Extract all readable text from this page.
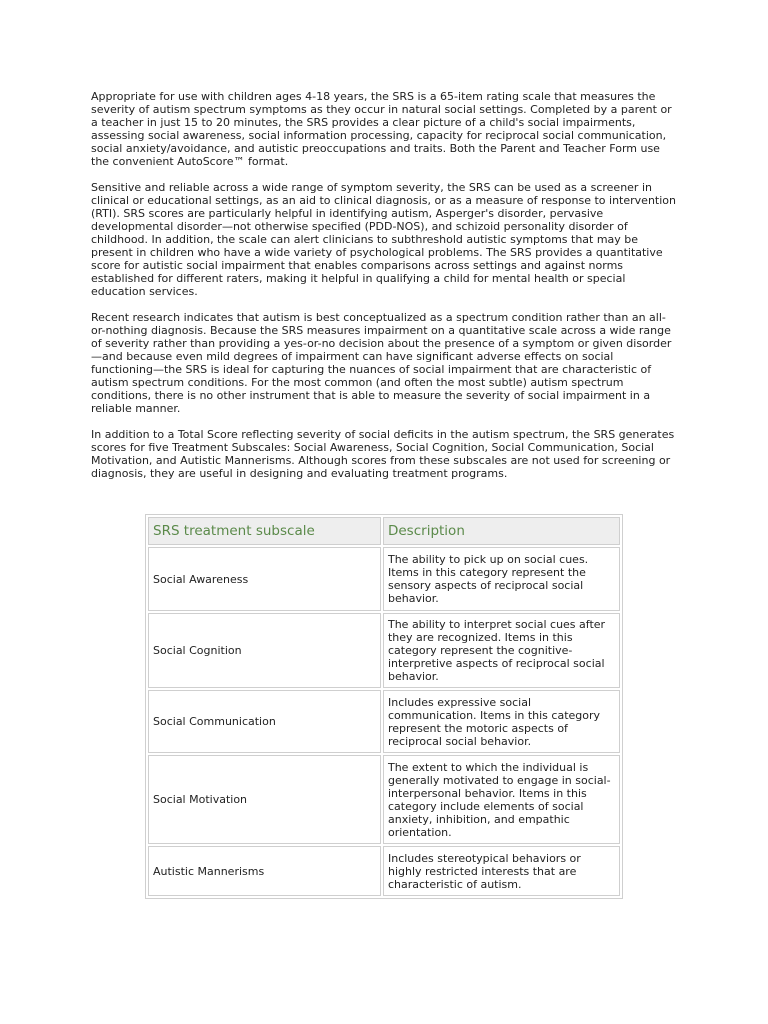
Appropriate for use with children ages 4-18 years, the SRS is a 65-item rating scale that measures the severity of autism spectrum symptoms as they occur in natural social settings. Completed by a parent or a teacher in just 15 to 20 minutes, the SRS provides a clear picture of a child's social impairments, assessing social awareness, social information processing, capacity for reciprocal social communication, social anxiety/avoidance, and autistic preoccupations and traits. Both the Parent and Teacher Form use the convenient AutoScore™ format.

Sensitive and reliable across a wide range of symptom severity, the SRS can be used as a screener in clinical or educational settings, as an aid to clinical diagnosis, or as a measure of response to intervention (RTI). SRS scores are particularly helpful in identifying autism, Asperger's disorder, pervasive developmental disorder—not otherwise specified (PDD-NOS), and schizoid personality disorder of childhood. In addition, the scale can alert clinicians to subthreshold autistic symptoms that may be present in children who have a wide variety of psychological problems. The SRS provides a quantitative score for autistic social impairment that enables comparisons across settings and against norms established for different raters, making it helpful in qualifying a child for mental health or special education services.

Recent research indicates that autism is best conceptualized as a spectrum condition rather than an all-or-nothing diagnosis. Because the SRS measures impairment on a quantitative scale across a wide range of severity rather than providing a yes-or-no decision about the presence of a symptom or given disorder—and because even mild degrees of impairment can have significant adverse effects on social functioning—the SRS is ideal for capturing the nuances of social impairment that are characteristic of autism spectrum conditions. For the most common (and often the most subtle) autism spectrum conditions, there is no other instrument that is able to measure the severity of social impairment in a reliable manner.

In addition to a Total Score reflecting severity of social deficits in the autism spectrum, the SRS generates scores for five Treatment Subscales: Social Awareness, Social Cognition, Social Communication, Social Motivation, and Autistic Mannerisms. Although scores from these subscales are not used for screening or diagnosis, they are useful in designing and evaluating treatment programs.

SRS treatment subscale	Description
Social Awareness	The ability to pick up on social cues. Items in this category represent the sensory aspects of reciprocal social behavior.
Social Cognition	The ability to interpret social cues after they are recognized. Items in this category represent the cognitive-interpretive aspects of reciprocal social behavior.
Social Communication	Includes expressive social communication. Items in this category represent the motoric aspects of reciprocal social behavior.
Social Motivation	The extent to which the individual is generally motivated to engage in social-interpersonal behavior. Items in this category include elements of social anxiety, inhibition, and empathic orientation.
Autistic Mannerisms	Includes stereotypical behaviors or highly restricted interests that are characteristic of autism.
